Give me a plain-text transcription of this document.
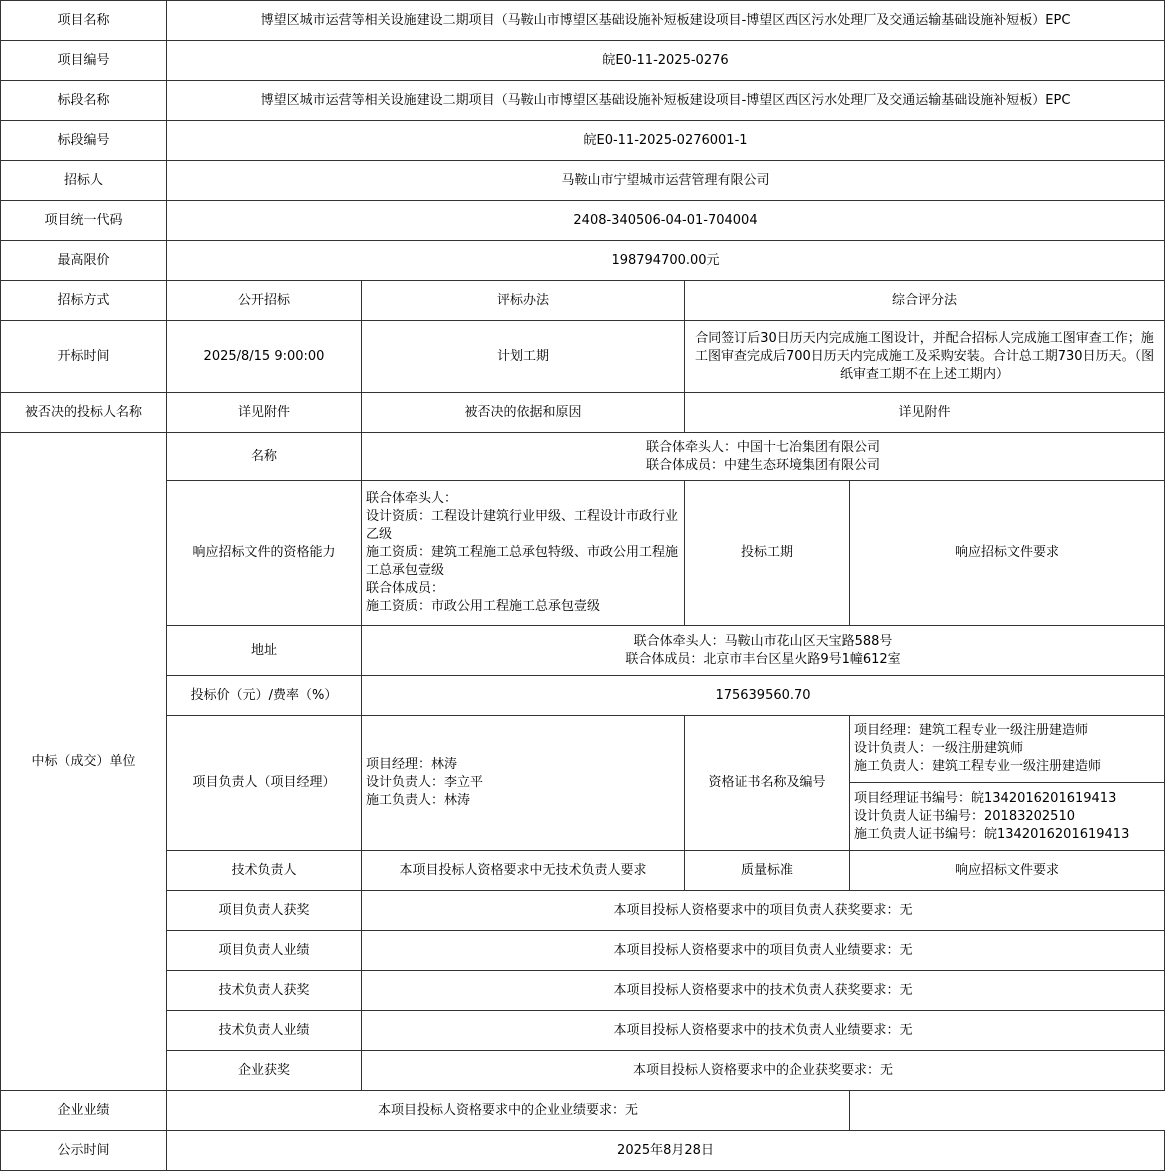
项目名称	博望区城市运营等相关设施建设二期项目（马鞍山市博望区基础设施补短板建设项目-博望区西区污水处理厂及交通运输基础设施补短板）EPC			
项目编号	皖E0-11-2025-0276			
标段名称	博望区城市运营等相关设施建设二期项目（马鞍山市博望区基础设施补短板建设项目-博望区西区污水处理厂及交通运输基础设施补短板）EPC			
标段编号	皖E0-11-2025-0276001-1			
招标人	马鞍山市宁望城市运营管理有限公司			
项目统一代码	2408-340506-04-01-704004			
最高限价	198794700.00元			
招标方式	公开招标	评标办法	综合评分法	
开标时间	2025/8/15 9:00:00	计划工期	合同签订后30日历天内完成施工图设计，并配合招标人完成施工图审查工作；施工图审查完成后700日历天内完成施工及采购安装。合计总工期730日历天。（图纸审查工期不在上述工期内）	
被否决的投标人名称	详见附件	被否决的依据和原因	详见附件	
中标（成交）单位	名称	联合体牵头人：中国十七冶集团有限公司
联合体成员：中建生态环境集团有限公司		

	响应招标文件的资格能力	联合体牵头人：
设计资质：工程设计建筑行业甲级、工程设计市政行业乙级
施工资质：建筑工程施工总承包特级、市政公用工程施工总承包壹级
联合体成员：
施工资质：市政公用工程施工总承包壹级	投标工期	响应招标文件要求
	地址	联合体牵头人：马鞍山市花山区天宝路588号
联合体成员：北京市丰台区星火路9号1幢612室		

	投标价（元）/费率（%）	175639560.70		
	项目负责人（项目经理）	项目经理：林涛
设计负责人：李立平
施工负责人：林涛	资格证书名称及编号	项目经理：建筑工程专业一级注册建造师
设计负责人：一级注册建筑师
施工负责人：建筑工程专业一级注册建造师

				项目经理证书编号：皖1342016201619413
设计负责人证书编号：20183202510
施工负责人证书编号：皖1342016201619413

	技术负责人	本项目投标人资格要求中无技术负责人要求	质量标准	响应招标文件要求
	项目负责人获奖	本项目投标人资格要求中的项目负责人获奖要求：无		
	项目负责人业绩	本项目投标人资格要求中的项目负责人业绩要求：无		
	技术负责人获奖	本项目投标人资格要求中的技术负责人获奖要求：无		
	技术负责人业绩	本项目投标人资格要求中的技术负责人业绩要求：无		
	企业获奖	本项目投标人资格要求中的企业获奖要求：无		
企业业绩	本项目投标人资格要求中的企业业绩要求：无			
公示时间	2025年8月28日			
